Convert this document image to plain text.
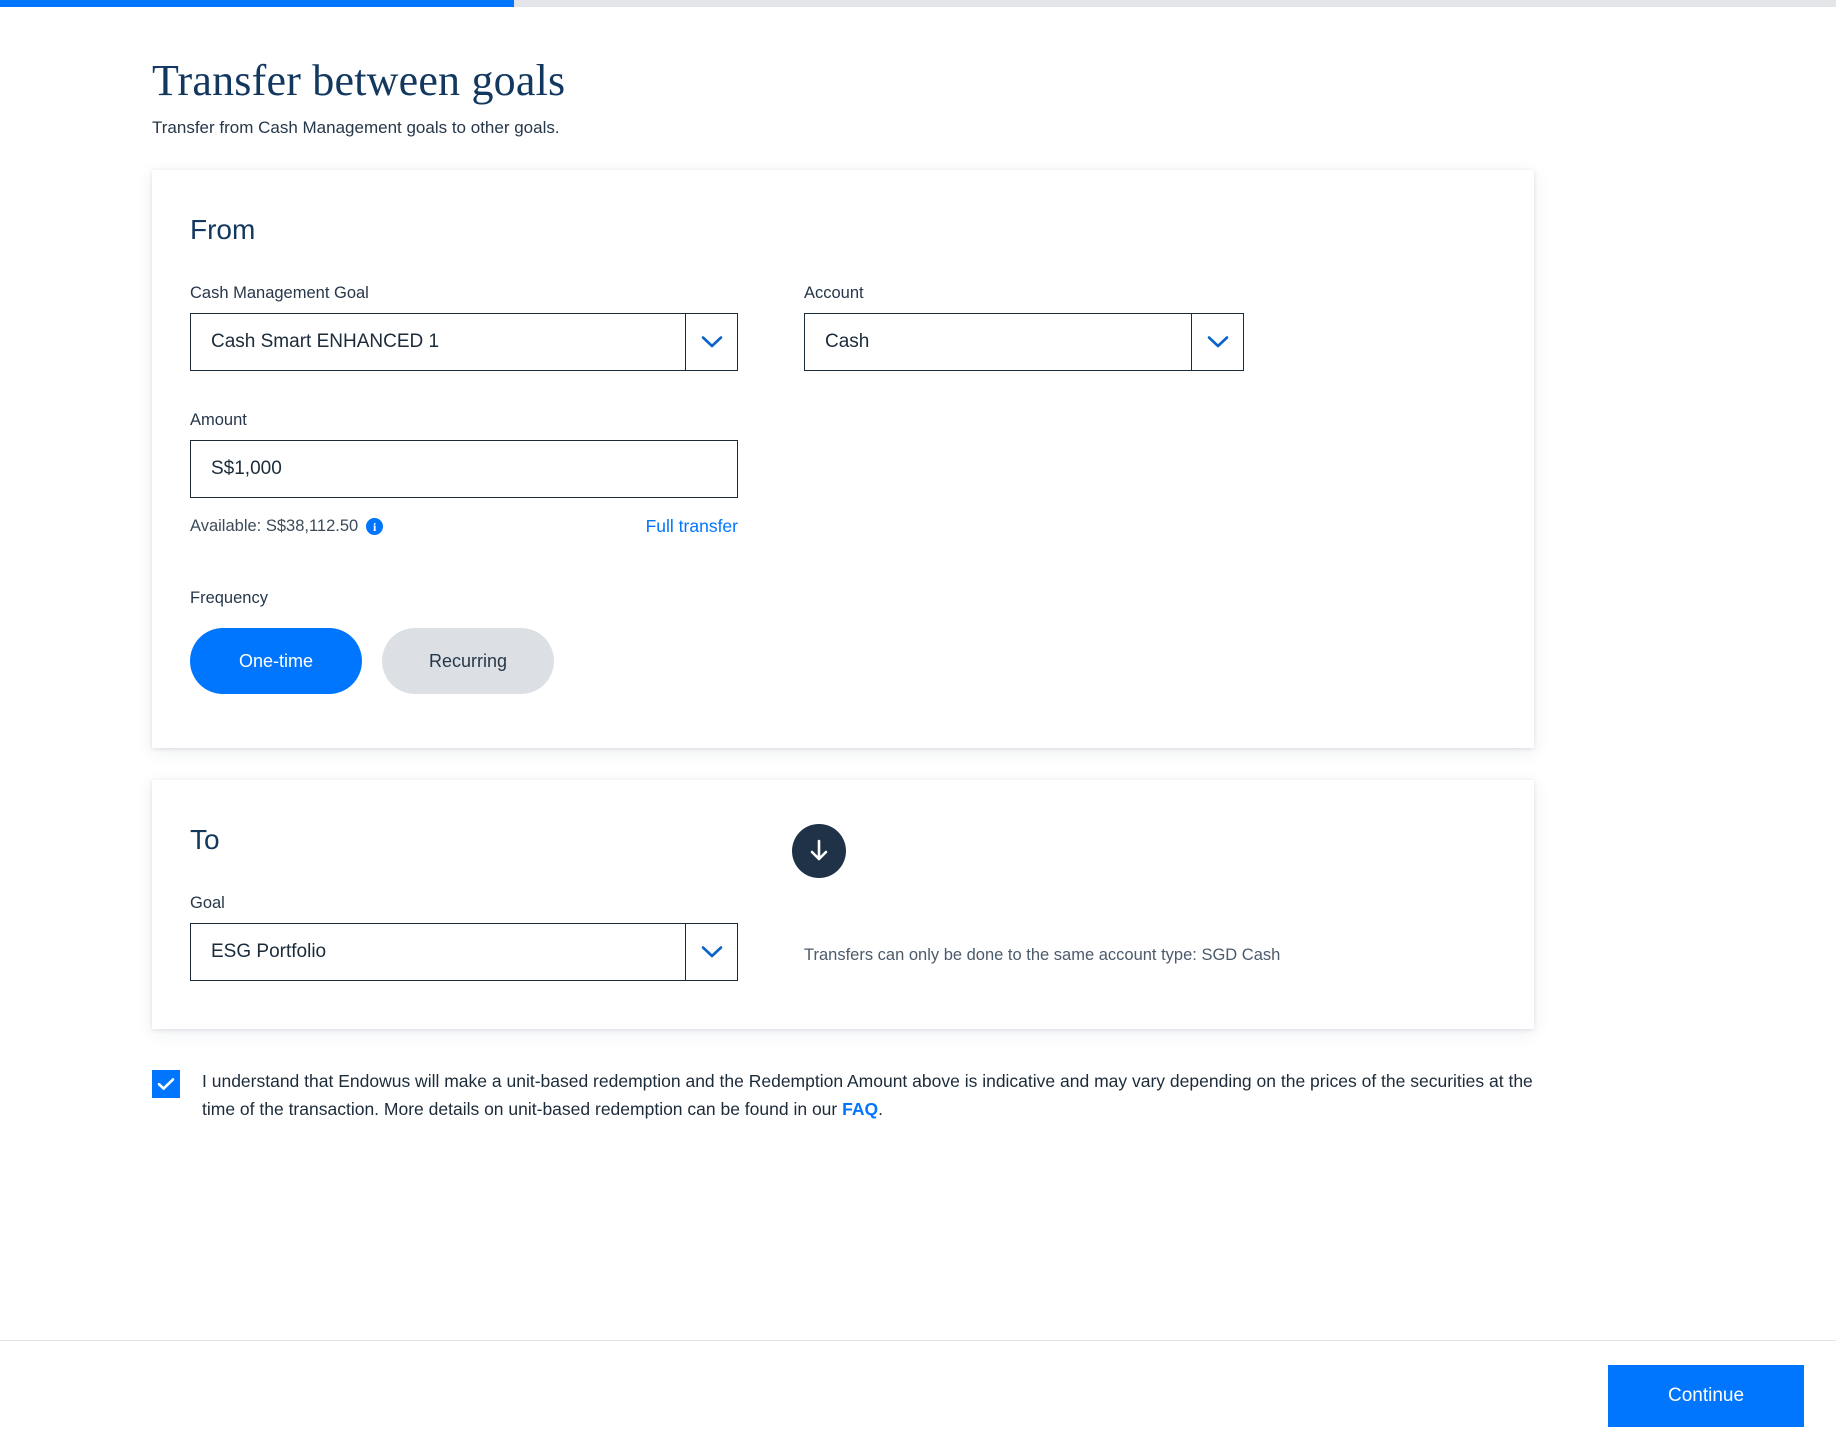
Transfer between goals

Transfer from Cash Management goals to other goals.

From
Cash Management Goal
Cash Smart ENHANCED 1
Account
Cash
Amount
S$1,000
Available: S$38,112.50	i	Full transfer
Frequency
One-time	Recurring
To
Goal
ESG Portfolio	Transfers can only be done to the same account type: SGD Cash
I understand that Endowus will make a unit-based redemption and the Redemption Amount above is indicative and may vary depending on the prices of the securities at the time of the transaction. More details on unit-based redemption can be found in our FAQ.
Continue
